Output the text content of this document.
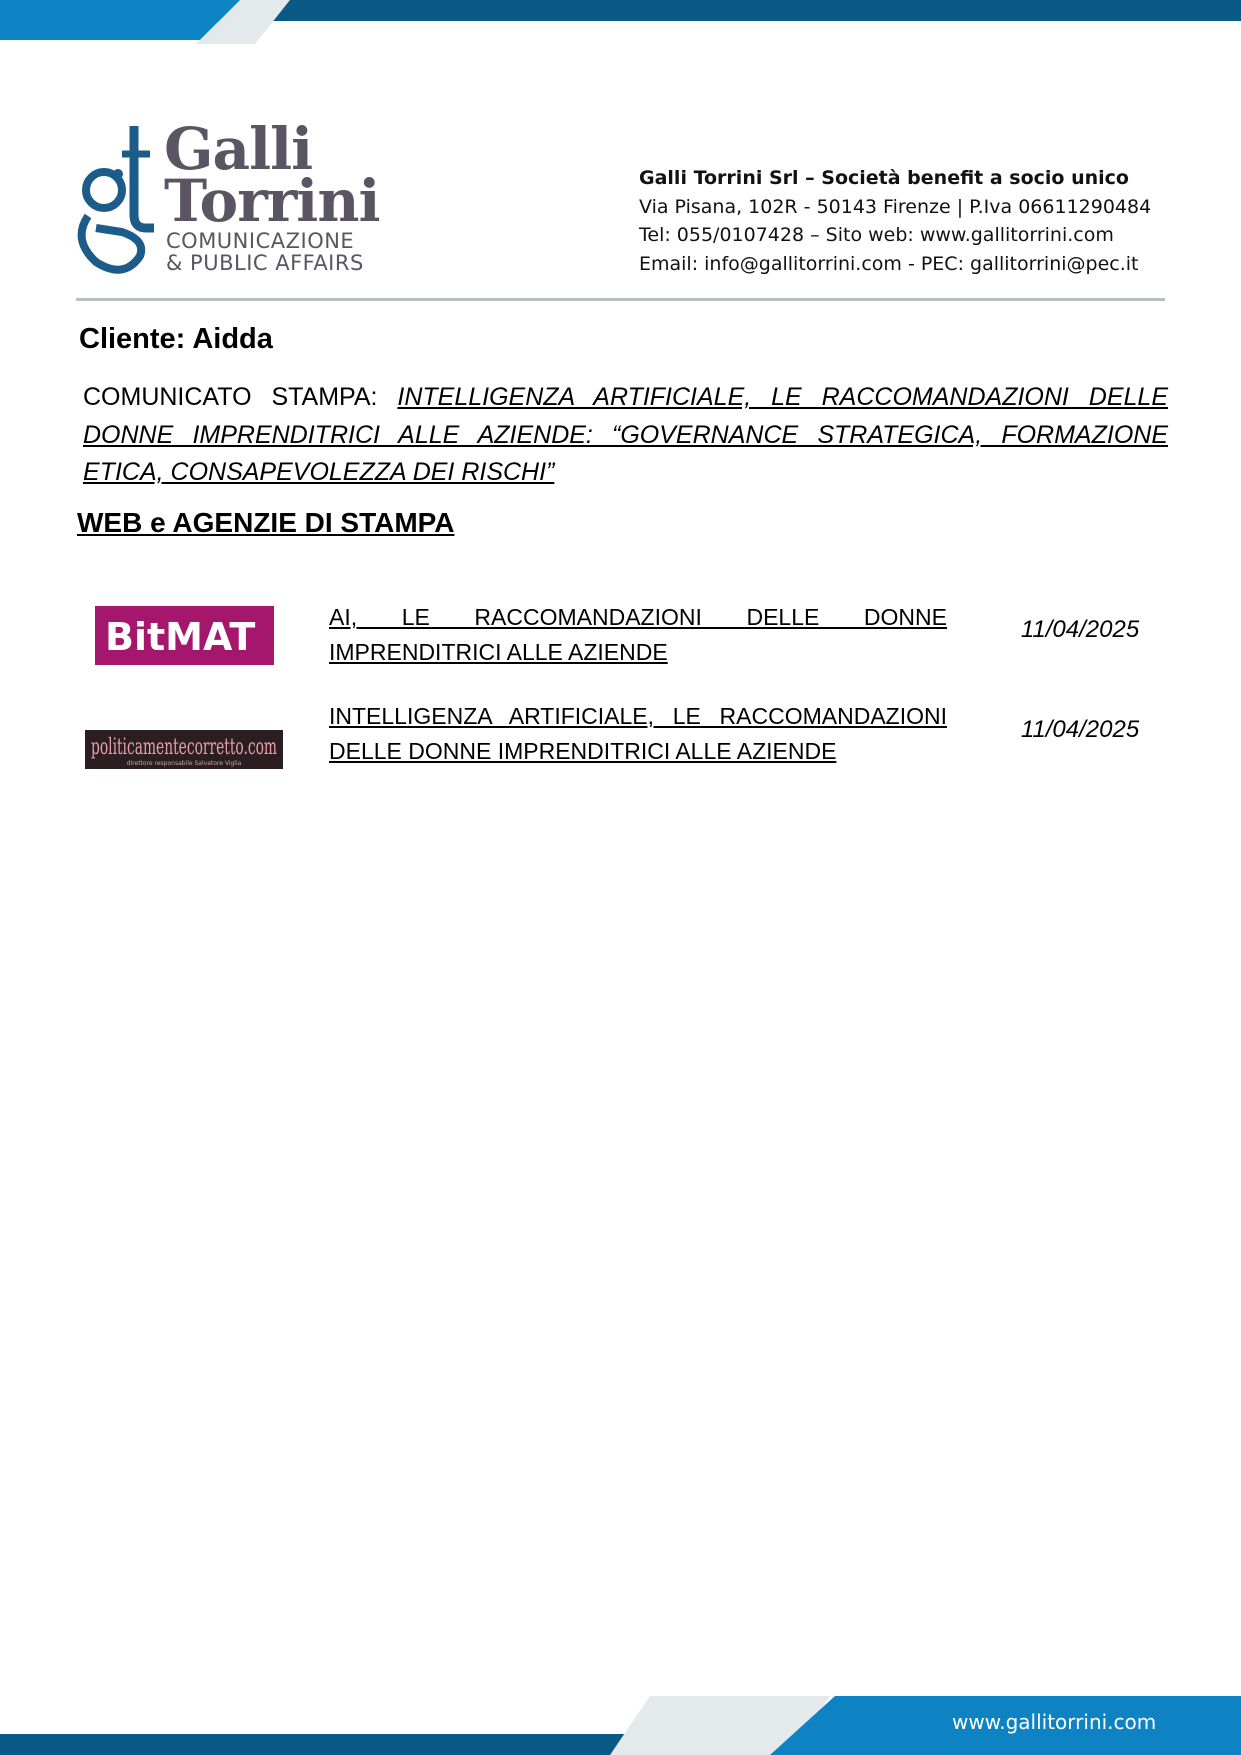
Galli
Torrini
COMUNICAZIONE
& PUBLIC AFFAIRS
Galli Torrini Srl – Società benefit a socio unico
Via Pisana, 102R - 50143 Firenze | P.Iva 06611290484
Tel: 055/0107428 – Sito web: www.gallitorrini.com
Email: info@gallitorrini.com - PEC: gallitorrini@pec.it
Cliente: Aidda
COMUNICATO STAMPA: INTELLIGENZA ARTIFICIALE, LE RACCOMANDAZIONI DELLE DONNE IMPRENDITRICI ALLE AZIENDE: “GOVERNANCE STRATEGICA, FORMAZIONE ETICA, CONSAPEVOLEZZA DEI RISCHI”
WEB e AGENZIE DI STAMPA
BitMAT	AI, LE RACCOMANDAZIONI DELLE DONNE IMPRENDITRICI ALLE AZIENDE
11/04/2025
politicamentecorretto.com
direttore responsabile Salvatore Viglia
INTELLIGENZA ARTIFICIALE, LE RACCOMANDAZIONI DELLE DONNE IMPRENDITRICI ALLE AZIENDE
11/04/2025
www.gallitorrini.com
